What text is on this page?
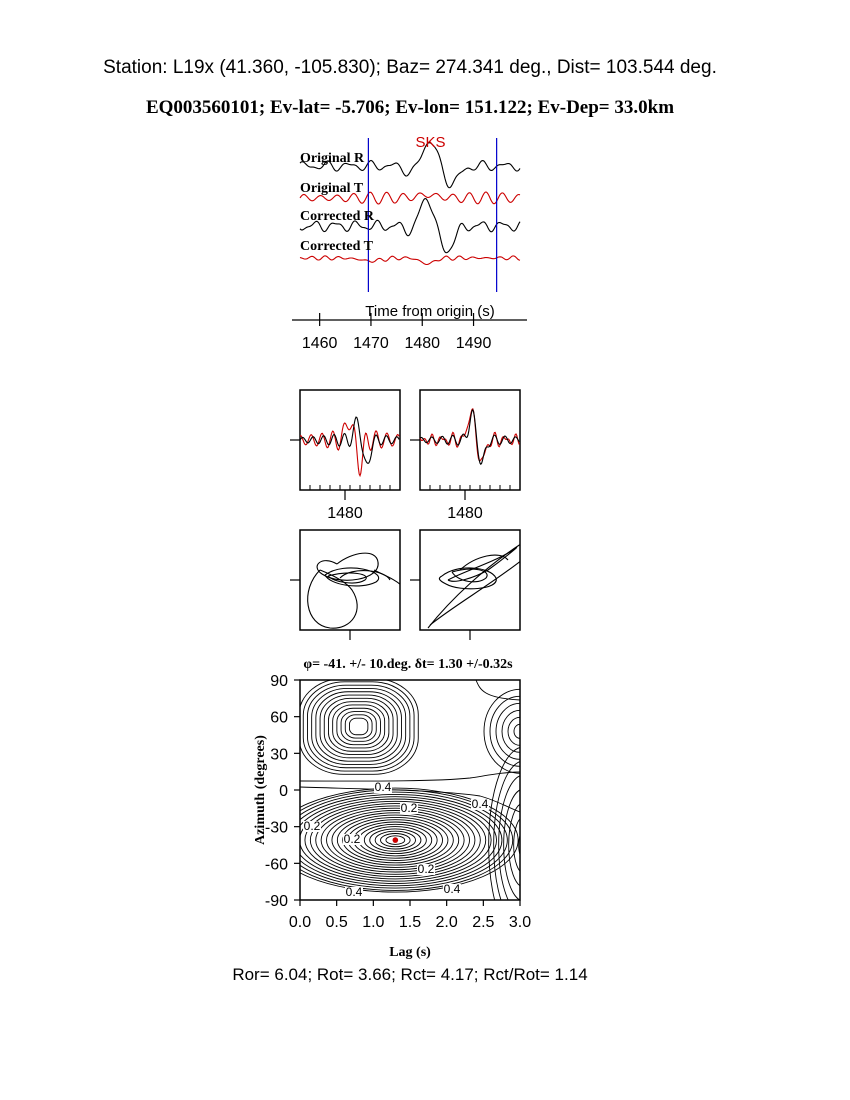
Station: L19x (41.360, -105.830); Baz= 274.341 deg., Dist= 103.544 deg.
EQ003560101; Ev-lat= -5.706; Ev-lon= 151.122; Ev-Dep= 33.0km
SKS
Original R
Original T
Corrected R
Corrected T
Time from origin (s)
1460 1470 1480 1490
1480	1480
φ= -41. +/- 10.deg. δt= 1.30 +/-0.32s
0.0 0.5 1.0 1.5 2.0 2.5 3.0
90
60
30
0
-30
-60
-90
0.4
0.2	0.4
0.2
0.2
0.4	0.4
0.2
Lag (s)
Azimuth (degrees)
Ror= 6.04; Rot= 3.66; Rct= 4.17; Rct/Rot= 1.14
